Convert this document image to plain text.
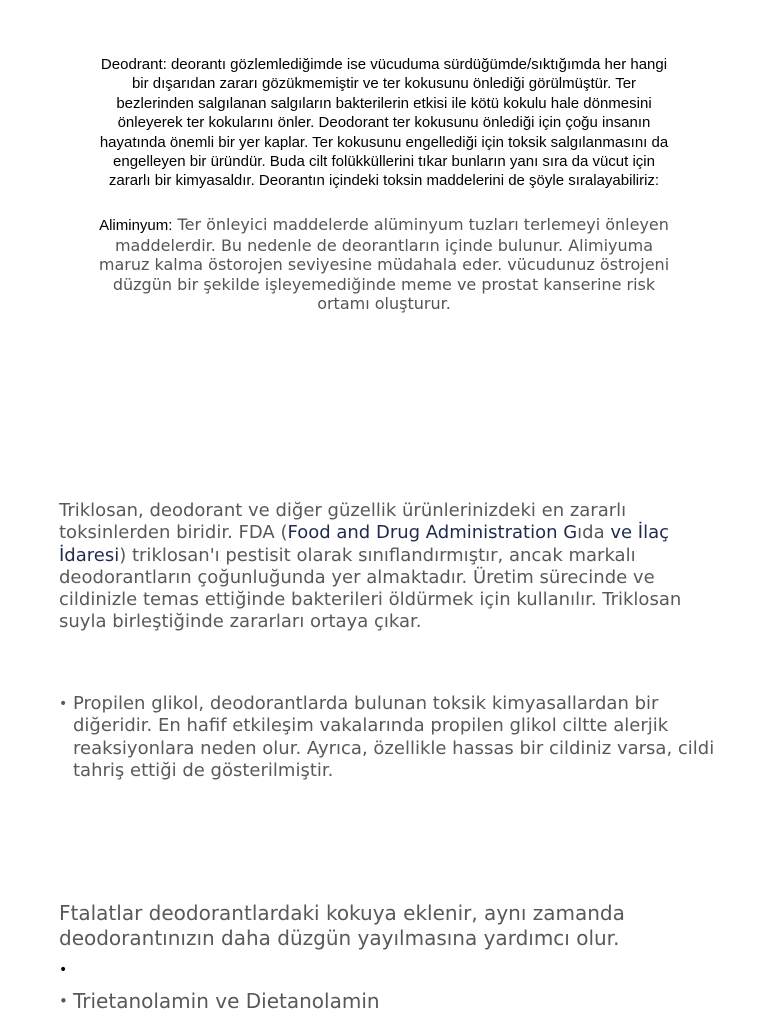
Deodrant: deorantı gözlemlediğimde ise vücuduma sürdüğümde/sıktığımda her hangi bir dışarıdan zararı gözükmemiştir ve ter kokusunu önlediği görülmüştür. Ter bezlerinden salgılanan salgıların bakterilerin etkisi ile kötü kokulu hale dönmesini önleyerek ter kokularını önler. Deodorant ter kokusunu önlediği için çoğu insanın hayatında önemli bir yer kaplar. Ter kokusunu engellediği için toksik salgılanmasını da engelleyen bir üründür. Buda cilt folükküllerini tıkar bunların yanı sıra da vücut için zararlı bir kimyasaldır. Deorantın içindeki toksin maddelerini de şöyle sıralayabiliriz:

Aliminyum: Ter önleyici maddelerde alüminyum tuzları terlemeyi önleyen maddelerdir. Bu nedenle de deorantların içinde bulunur. Alimiyuma maruz kalma östorojen seviyesine müdahala eder. vücudunuz östrojeni düzgün bir şekilde işleyemediğinde meme ve prostat kanserine risk ortamı oluşturur.

Triklosan, deodorant ve diğer güzellik ürünlerinizdeki en zararlı toksinlerden biridir. FDA (Food and Drug Administration Gıda ve İlaç İdaresi) triklosan'ı pestisit olarak sınıflandırmıştır, ancak markalı deodorantların çoğunluğunda yer almaktadır. Üretim sürecinde ve cildinizle temas ettiğinde bakterileri öldürmek için kullanılır. Triklosan suyla birleştiğinde zararları ortaya çıkar.

• Propilen glikol, deodorantlarda bulunan toksik kimyasallardan bir diğeridir. En hafif etkileşim vakalarında propilen glikol ciltte alerjik reaksiyonlara neden olur. Ayrıca, özellikle hassas bir cildiniz varsa, cildi tahriş ettiği de gösterilmiştir.

Ftalatlar deodorantlardaki kokuya eklenir, aynı zamanda deodorantınızın daha düzgün yayılmasına yardımcı olur.

•
• Trietanolamin ve Dietanolamin
